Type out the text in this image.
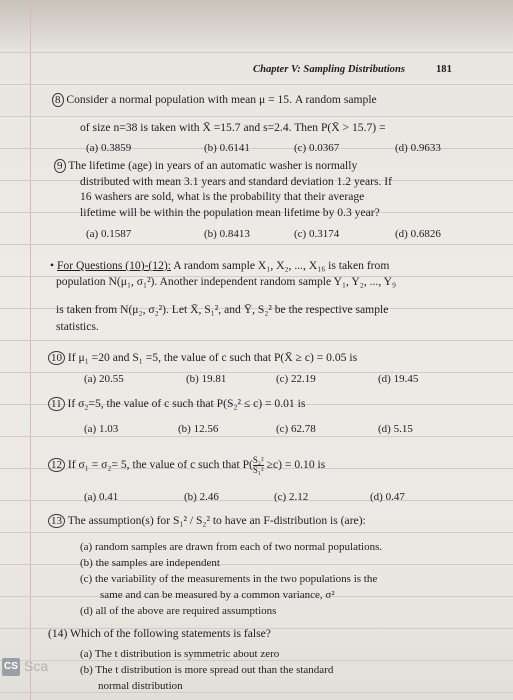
Chapter V: Sampling Distributions	181
8 Consider a normal population with mean μ = 15. A random sample
of size n=38 is taken with X̄ =15.7 and s=2.4. Then P(X̄ > 15.7) =
(a) 0.3859	(b) 0.6141	(c) 0.0367	(d) 0.9633
9 The lifetime (age) in years of an automatic washer is normally
distributed with mean 3.1 years and standard deviation 1.2 years. If
16 washers are sold, what is the probability that their average
lifetime will be within the population mean lifetime by 0.3 year?
(a) 0.1587	(b) 0.8413	(c) 0.3174	(d) 0.6826
• For Questions (10)-(12): A random sample X₁, X₂, ..., X₁₆ is taken from
population N(μ₁, σ₁²). Another independent random sample Y₁, Y₂, ..., Y₉
is taken from N(μ₂, σ₂²). Let X̄, S₁², and Ȳ, S₂² be the respective sample
statistics.
10 If μ₁ =20 and S₁ =5, the value of c such that P(X̄ ≥ c) = 0.05 is
(a) 20.55	(b) 19.81	(c) 22.19	(d) 19.45
11 If σ₂=5, the value of c such that P(S₂² ≤ c) = 0.01 is
(a) 1.03	(b) 12.56	(c) 62.78	(d) 5.15
12 If σ₁ = σ₂= 5, the value of c such that $P( \frac{\text{S₂²}}{\text{S₁²}} \ge c) = 0.10$ is
(a) 0.41	(b) 2.46	(c) 2.12	(d) 0.47
13 The assumption(s) for S₁² / S₂² to have an F-distribution is (are):
(a) random samples are drawn from each of two normal populations.
(b) the samples are independent
(c) the variability of the measurements in the two populations is the
same and can be measured by a common variance, σ²
(d) all of the above are required assumptions
(14) Which of the following statements is false?
(a) The t distribution is symmetric about zero
(b) The t distribution is more spread out than the standard
normal distribution
CS Sca
